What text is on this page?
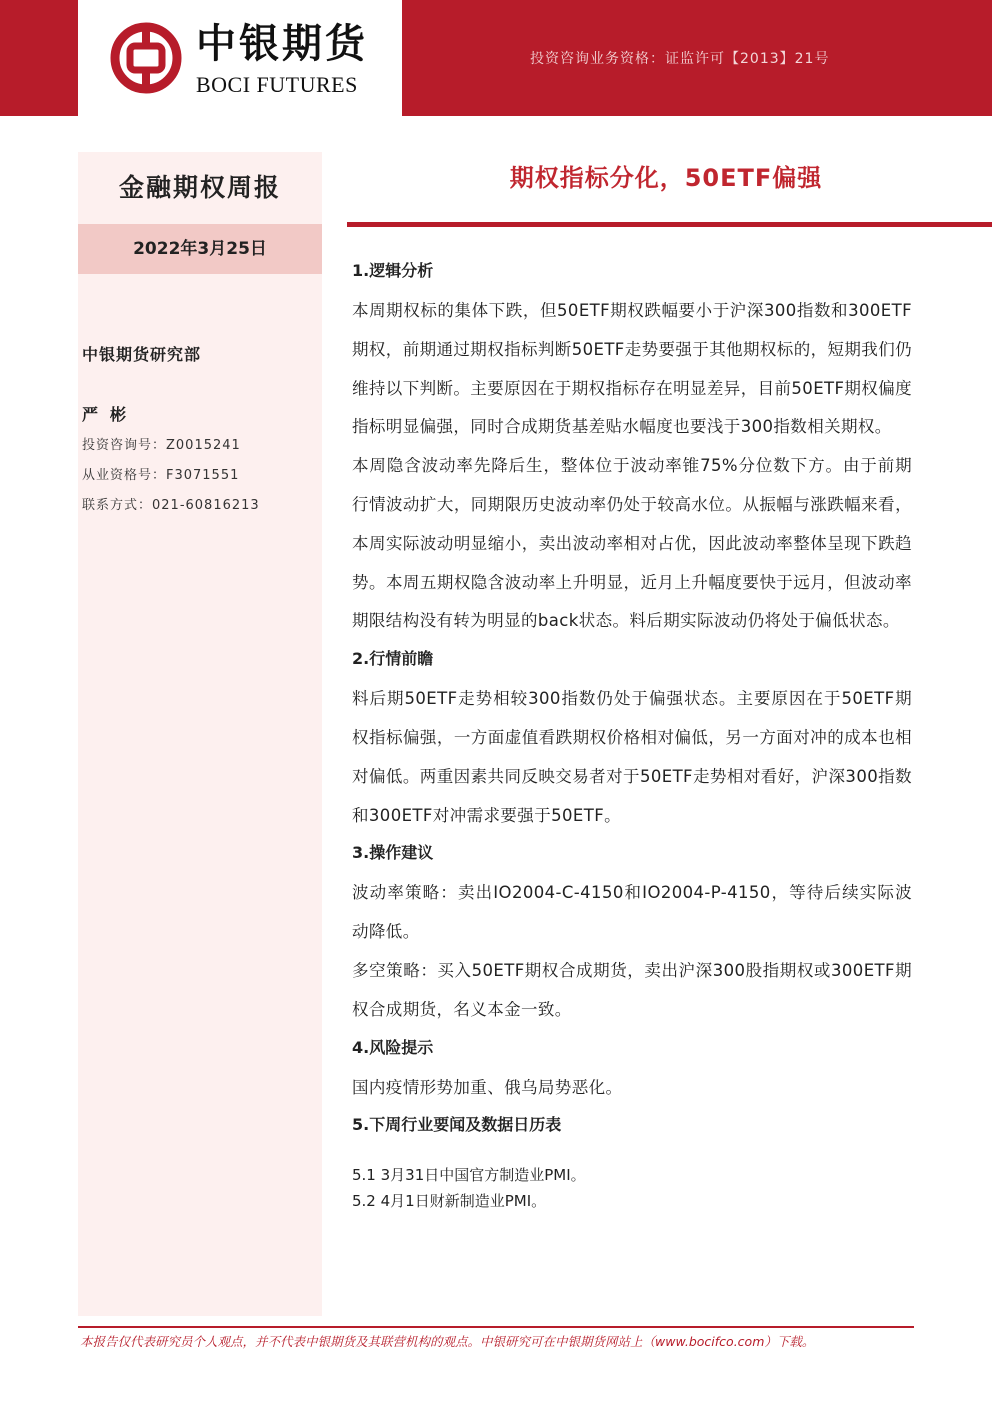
中银期货
BOCI FUTURES
投资咨询业务资格：证监许可【2013】21号
金融期权周报
2022年3月25日
中银期货研究部
严彬
投资咨询号：Z0015241
从业资格号：F3071551
联系方式：021-60816213
期权指标分化，50ETF偏强
1.逻辑分析

本周期权标的集体下跌，但50ETF期权跌幅要小于沪深300指数和300ETF期权，前期通过期权指标判断50ETF走势要强于其他期权标的，短期我们仍维持以下判断。主要原因在于期权指标存在明显差异，目前50ETF期权偏度指标明显偏强，同时合成期货基差贴水幅度也要浅于300指数相关期权。

本周隐含波动率先降后生，整体位于波动率锥75%分位数下方。由于前期行情波动扩大，同期限历史波动率仍处于较高水位。从振幅与涨跌幅来看，本周实际波动明显缩小，卖出波动率相对占优，因此波动率整体呈现下跌趋势。本周五期权隐含波动率上升明显，近月上升幅度要快于远月，但波动率期限结构没有转为明显的back状态。料后期实际波动仍将处于偏低状态。

2.行情前瞻

料后期50ETF走势相较300指数仍处于偏强状态。主要原因在于50ETF期权指标偏强，一方面虚值看跌期权价格相对偏低，另一方面对冲的成本也相对偏低。两重因素共同反映交易者对于50ETF走势相对看好，沪深300指数和300ETF对冲需求要强于50ETF。

3.操作建议

波动率策略：卖出IO2004-C-4150和IO2004-P-4150，等待后续实际波动降低。

多空策略：买入50ETF期权合成期货，卖出沪深300股指期权或300ETF期权合成期货，名义本金一致。

4.风险提示

国内疫情形势加重、俄乌局势恶化。

5.下周行业要闻及数据日历表

5.1 3月31日中国官方制造业PMI。

5.2 4月1日财新制造业PMI。

本报告仅代表研究员个人观点，并不代表中银期货及其联营机构的观点。中银研究可在中银期货网站上（www.bocifco.com）下载。
